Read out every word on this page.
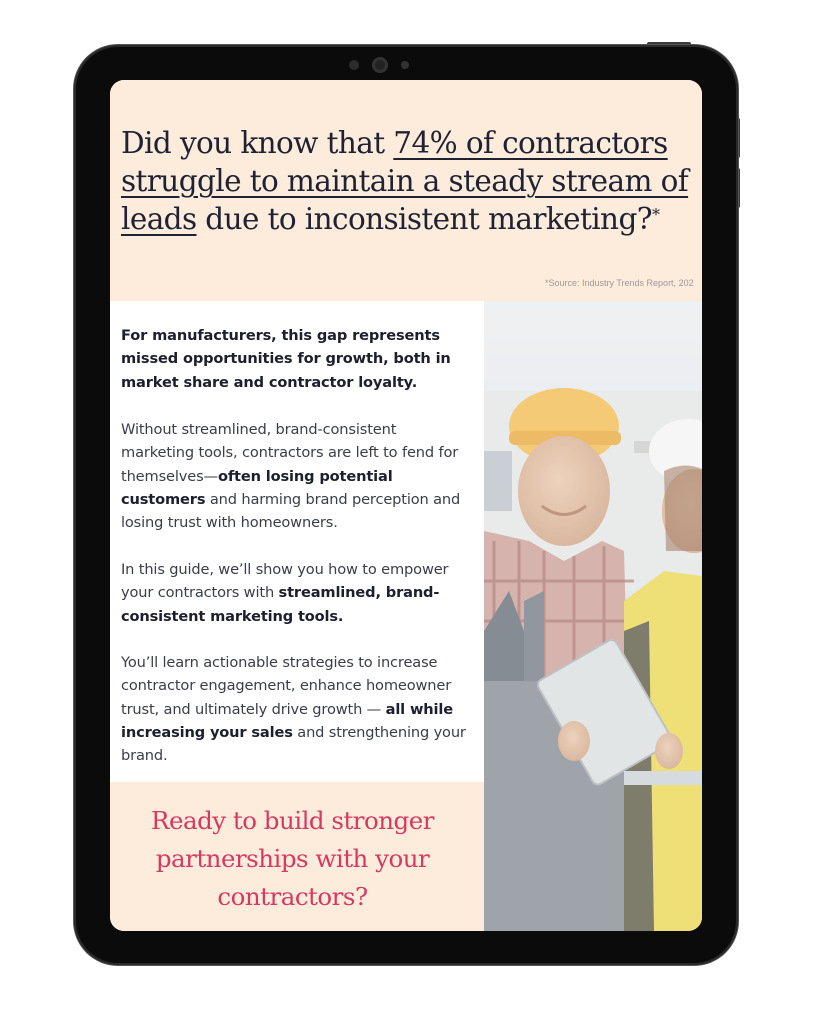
Did you know that 74% of contractors struggle to maintain a steady stream of leads due to inconsistent marketing?*
*Source: Industry Trends Report, 202

For manufacturers, this gap represents missed opportunities for growth, both in market share and contractor loyalty.

Without streamlined, brand-consistent marketing tools, contractors are left to fend for themselves—often losing potential customers and harming brand perception and losing trust with homeowners.

In this guide, we’ll show you how to empower your contractors with streamlined, brand-consistent marketing tools.

You’ll learn actionable strategies to increase contractor engagement, enhance homeowner trust, and ultimately drive growth — all while increasing your sales and strengthening your brand.

Ready to build stronger partnerships with your contractors?
